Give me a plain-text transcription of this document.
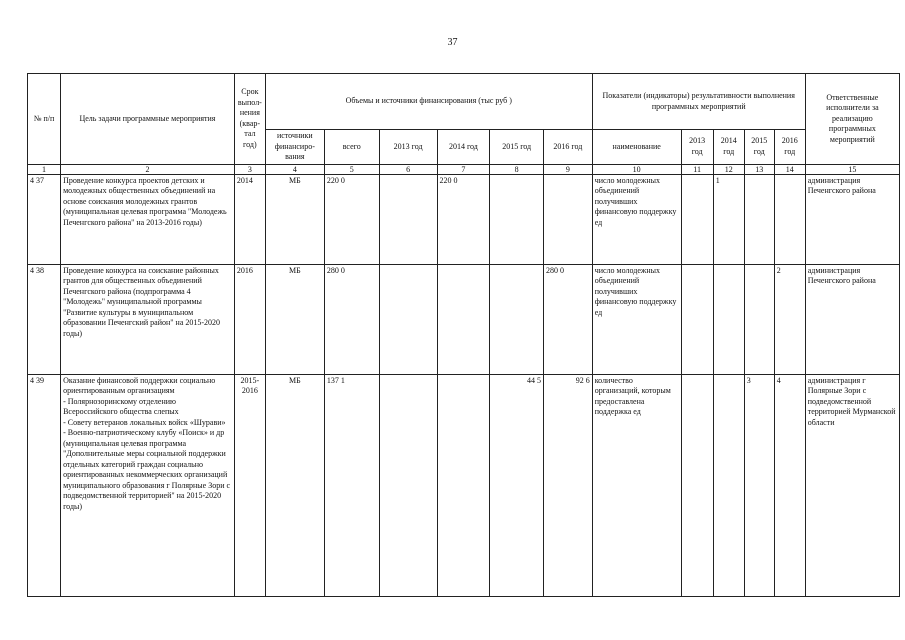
37
№ п/п	Цель задачи программные мероприятия	Срок выпол-нения (квар-тал год)	Объемы и источники финансирования (тыс руб )						Показатели (индикаторы) результативности выполнения программных мероприятий					Ответственные исполнители за реализацию программных мероприятий
			источники финансиро-вания	всего	2013 год	2014 год	2015 год	2016 год	наименование	2013 год	2014 год	2015 год	2016 год	
1	2	3	4	5	6	7	8	9	10	11	12	13	14	15
4 37	Проведение конкурса проектов детских и молодежных общественных объединений на основе соискания молодежных грантов (муниципальная целевая программа "Молодежь Печенгского района" на 2013-2016 годы)	2014	МБ	220 0		220 0			число молодежных объединений получивших финансовую поддержку ед		1			администрация Печенгского района
4 38	Проведение конкурса на соискание районных грантов для общественных объединений Печенгского района (подпрограмма 4 "Молодежь" муниципальной программы "Развитие культуры в муниципальном образовании Печенгский район" на 2015-2020 годы)	2016	МБ	280 0				280 0	число молодежных объединений получивших финансовую поддержку ед				2	администрация Печенгского района
4 39	Оказание финансовой поддержки социально ориентированным организациям
- Полярнозоринскому отделению Всероссийского общества слепых
- Совету ветеранов локальных войск «Шурави»
- Военно-патриотическому клубу «Поиск» и др (муниципальная целевая программа "Дополнительные меры социальной поддержки отдельных категорий граждан социально ориентированных некоммерческих организаций муниципального образования г Полярные Зори с подведомственной территорией" на 2015-2020 годы)	2015-2016	МБ	137 1			44 5	92 6	количество организаций, которым предоставлена поддержка ед			3	4	администрация г Полярные Зори с подведомственной территорией Мурманской области
